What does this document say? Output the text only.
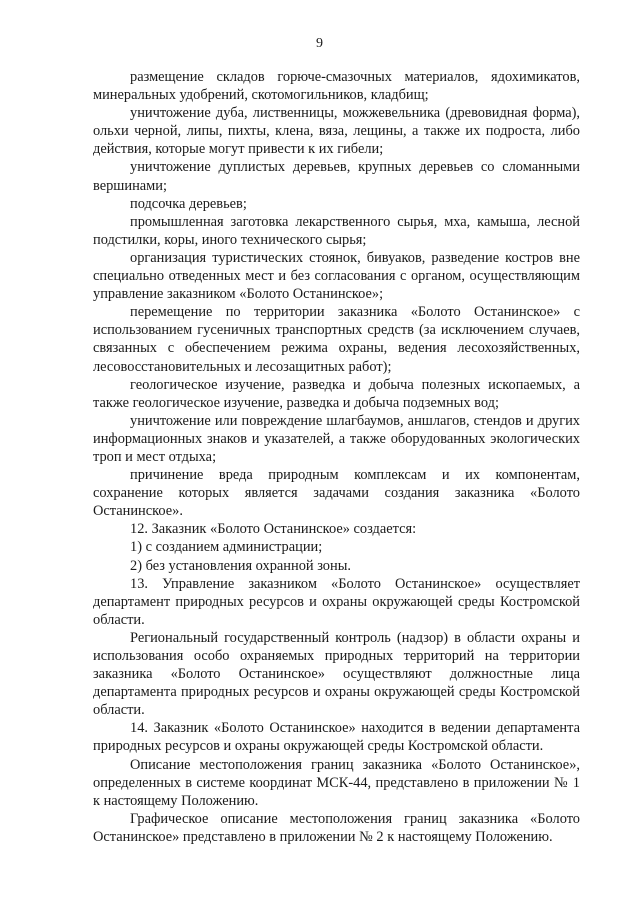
9

размещение складов горюче-смазочных материалов, ядохимикатов, минеральных удобрений, скотомогильников, кладбищ;

уничтожение дуба, лиственницы, можжевельника (древовидная форма), ольхи черной, липы, пихты, клена, вяза, лещины, а также их подроста, либо действия, которые могут привести к их гибели;

уничтожение дуплистых деревьев, крупных деревьев со сломанными вершинами;

подсочка деревьев;

промышленная заготовка лекарственного сырья, мха, камыша, лесной подстилки, коры, иного технического сырья;

организация туристических стоянок, бивуаков, разведение костров вне специально отведенных мест и без согласования с органом, осуществляющим управление заказником «Болото Останинское»;

перемещение по территории заказника «Болото Останинское» с использованием гусеничных транспортных средств (за исключением случаев, связанных с обеспечением режима охраны, ведения лесохозяйственных, лесовосстановительных и лесозащитных работ);

геологическое изучение, разведка и добыча полезных ископаемых, а также геологическое изучение, разведка и добыча подземных вод;

уничтожение или повреждение шлагбаумов, аншлагов, стендов и других информационных знаков и указателей, а также оборудованных экологических троп и мест отдыха;

причинение вреда природным комплексам и их компонентам, сохранение которых является задачами создания заказника «Болото Останинское».

12. Заказник «Болото Останинское» создается:

1) с созданием администрации;

2) без установления охранной зоны.

13. Управление заказником «Болото Останинское» осуществляет департамент природных ресурсов и охраны окружающей среды Костромской области.

Региональный государственный контроль (надзор) в области охраны и использования особо охраняемых природных территорий на территории заказника «Болото Останинское» осуществляют должностные лица департамента природных ресурсов и охраны окружающей среды Костромской области.

14. Заказник «Болото Останинское» находится в ведении департамента природных ресурсов и охраны окружающей среды Костромской области.

Описание местоположения границ заказника «Болото Останинское», определенных в системе координат МСК-44, представлено в приложении № 1 к настоящему Положению.

Графическое описание местоположения границ заказника «Болото Останинское» представлено в приложении № 2 к настоящему Положению.
